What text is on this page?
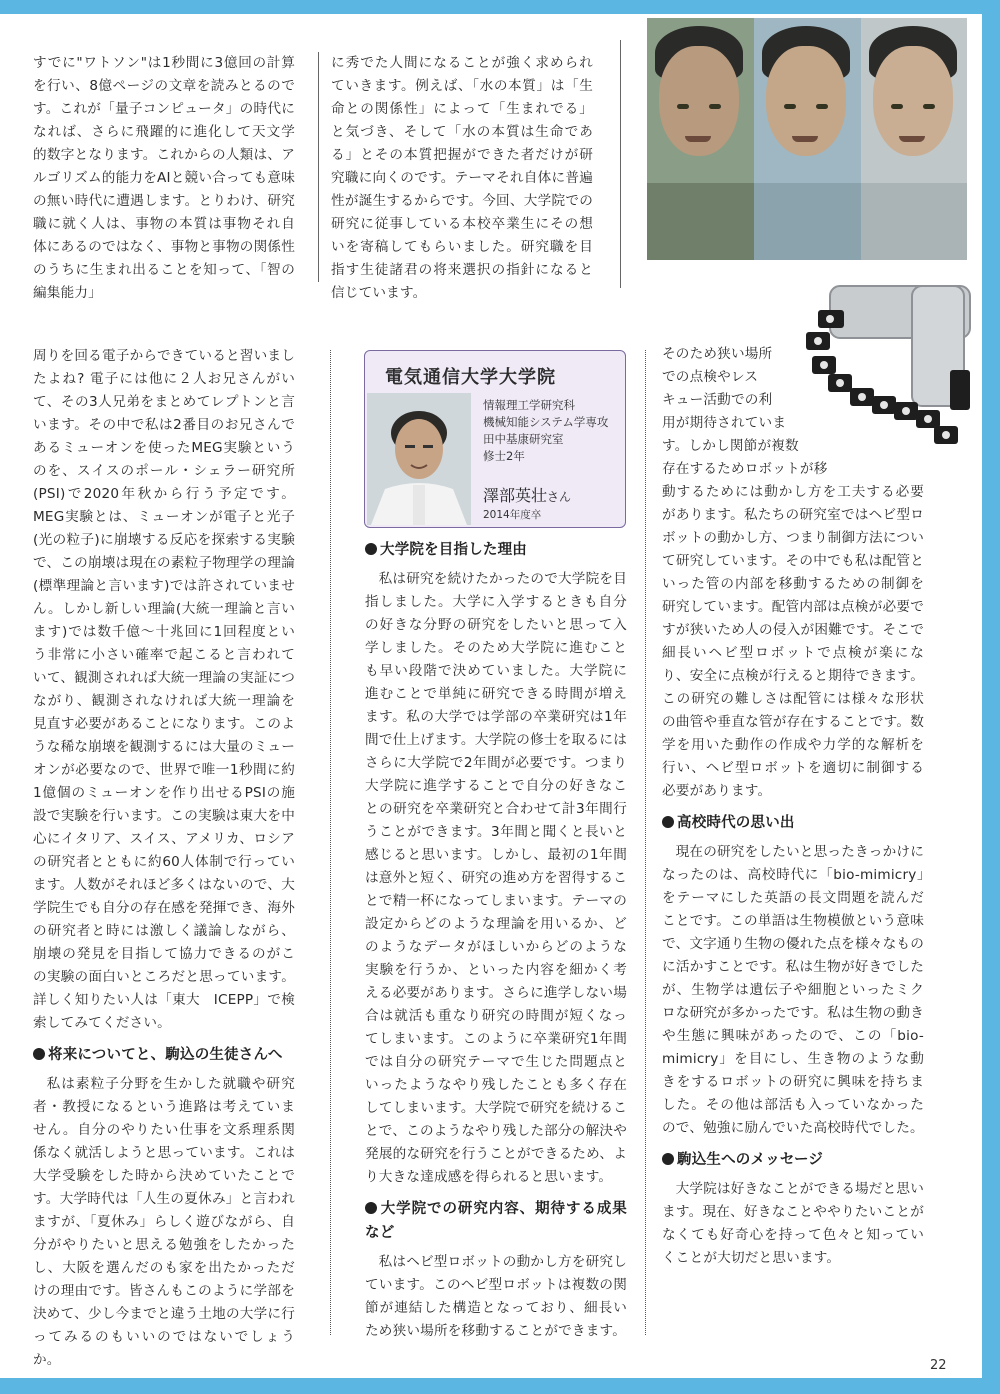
すでに"ワトソン"は1秒間に3億回の計算を行い、8億ページの文章を読みとるのです。これが「量子コンピュータ」の時代になれば、さらに飛躍的に進化して天文学的数字となります。これからの人類は、アルゴリズム的能力をAIと競い合っても意味の無い時代に遭遇します。とりわけ、研究職に就く人は、事物の本質は事物それ自体にあるのではなく、事物と事物の関係性のうちに生まれ出ることを知って、「智の編集能力」

に秀でた人間になることが強く求められていきます。例えば、「水の本質」は「生命との関係性」によって「生まれでる」と気づき、そして「水の本質は生命である」とその本質把握ができた者だけが研究職に向くのです。テーマそれ自体に普遍性が誕生するからです。今回、大学院での研究に従事している本校卒業生にその想いを寄稿してもらいました。研究職を目指す生徒諸君の将来選択の指針になると信じています。

周りを回る電子からできていると習いましたよね? 電子には他に２人お兄さんがいて、その3人兄弟をまとめてレプトンと言います。その中で私は2番目のお兄さんであるミューオンを使ったMEG実験というのを、スイスのポール・シェラー研究所(PSI)で2020年秋から行う予定です。MEG実験とは、ミューオンが電子と光子(光の粒子)に崩壊する反応を探索する実験で、この崩壊は現在の素粒子物理学の理論(標準理論と言います)では許されていません。しかし新しい理論(大統一理論と言います)では数千億〜十兆回に1回程度という非常に小さい確率で起こると言われていて、観測されれば大統一理論の実証につながり、観測されなければ大統一理論を見直す必要があることになります。このような稀な崩壊を観測するには大量のミューオンが必要なので、世界で唯一1秒間に約1億個のミューオンを作り出せるPSIの施設で実験を行います。この実験は東大を中心にイタリア、スイス、アメリカ、ロシアの研究者とともに約60人体制で行っています。人数がそれほど多くはないので、大学院生でも自分の存在感を発揮でき、海外の研究者と時には激しく議論しながら、崩壊の発見を目指して協力できるのがこの実験の面白いところだと思っています。詳しく知りたい人は「東大　ICEPP」で検索してみてください。

将来についてと、駒込の生徒さんへ

私は素粒子分野を生かした就職や研究者・教授になるという進路は考えていません。自分のやりたい仕事を文系理系関係なく就活しようと思っています。これは大学受験をした時から決めていたことです。大学時代は「人生の夏休み」と言われますが、「夏休み」らしく遊びながら、自分がやりたいと思える勉強をしたかったし、大阪を選んだのも家を出たかっただけの理由です。皆さんもこのように学部を決めて、少し今までと違う土地の大学に行ってみるのもいいのではないでしょうか。

電気通信大学大学院
情報理工学研究科
機械知能システム学専攻
田中基康研究室
修士2年
澤部英壮さん
2014年度卒
大学院を目指した理由

私は研究を続けたかったので大学院を目指しました。大学に入学するときも自分の好きな分野の研究をしたいと思って入学しました。そのため大学院に進むことも早い段階で決めていました。大学院に進むことで単純に研究できる時間が増えます。私の大学では学部の卒業研究は1年間で仕上げます。大学院の修士を取るにはさらに大学院で2年間が必要です。つまり大学院に進学することで自分の好きなことの研究を卒業研究と合わせて計3年間行うことができます。3年間と聞くと長いと感じると思います。しかし、最初の1年間は意外と短く、研究の進め方を習得することで精一杯になってしまいます。テーマの設定からどのような理論を用いるか、どのようなデータがほしいからどのような実験を行うか、といった内容を細かく考える必要があります。さらに進学しない場合は就活も重なり研究の時間が短くなってしまいます。このように卒業研究1年間では自分の研究テーマで生じた問題点といったようなやり残したことも多く存在してしまいます。大学院で研究を続けることで、このようなやり残した部分の解決や発展的な研究を行うことができるため、より大きな達成感を得られると思います。

大学院での研究内容、期待する成果など

私はヘビ型ロボットの動かし方を研究しています。このヘビ型ロボットは複数の関節が連結した構造となっており、細長いため狭い場所を移動することができます。

そのため狭い場所
での点検やレス
キュー活動での利
用が期待されていま
す。しかし関節が複数
存在するためロボットが移

動するためには動かし方を工夫する必要があります。私たちの研究室ではヘビ型ロボットの動かし方、つまり制御方法について研究しています。その中でも私は配管といった管の内部を移動するための制御を研究しています。配管内部は点検が必要ですが狭いため人の侵入が困難です。そこで細長いヘビ型ロボットで点検が楽になり、安全に点検が行えると期待できます。この研究の難しさは配管には様々な形状の曲管や垂直な管が存在することです。数学を用いた動作の作成や力学的な解析を行い、ヘビ型ロボットを適切に制御する必要があります。

高校時代の思い出

現在の研究をしたいと思ったきっかけになったのは、高校時代に「bio-mimicry」をテーマにした英語の長文問題を読んだことです。この単語は生物模倣という意味で、文字通り生物の優れた点を様々なものに活かすことです。私は生物が好きでしたが、生物学は遺伝子や細胞といったミクロな研究が多かったです。私は生物の動きや生態に興味があったので、この「bio-mimicry」を目にし、生き物のような動きをするロボットの研究に興味を持ちました。その他は部活も入っていなかったので、勉強に励んでいた高校時代でした。

駒込生へのメッセージ

大学院は好きなことができる場だと思います。現在、好きなことややりたいことがなくても好奇心を持って色々と知っていくことが大切だと思います。

22
